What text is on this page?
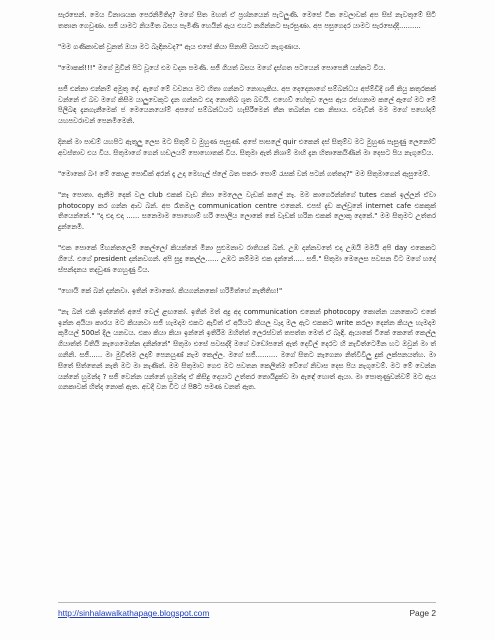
සැරසෙන්. මෙය විනාශයක පෙරනිමිතිද? මගේ සිත මහත් ඒ ප්‍රශ්නයෙන් පැටලුණි. මෙසේ ටික වෙලාවක් අප සිස් නැවතුමේ සිටි තතාන ගෙවුණා. සජී යාමට නියමිත බසය පැමිණි හෙයින් ඇය එයට නගින්නට සැරසුණා. අප පසුගෙදර යාමට සැරසෙද්දී..........

"මම ගණිකාවක් වුනත් ඔයා මට බැඳිනවද?" ඇය එසේ කියා සිනාසී බසයට නැගුණාය.

"මොකක්!!!" මගේ මුවින් පිට වූයේ එම වදන පමණි. සජී ගියත් බසය මගේ දෑස්ගත පටයෙන් පොපෙනී යන්නට විය.

සජී එන්නා එන්නම් අමුතු දේ. ඇගේ මේ වචනය මට හිතා ගන්නට නොහැකිය. අප දෙදෙනාගේ සම්බන්ධය අප්ම්ඩිදී ශජී කියු කතුරකක් වන්නේ ඒ බව මගේ කිසිම යාලුවෙකුට දැන ගන්නට එදා නොතිබ ශූත බවයි. එහෙව් හේතුව ලෙස ඇය රජහනාම කලේ ඇගේ මට මේ පිලිබඳ දැනගැනීමෙක් ජ මෙයෙනයෝම් අපගේ සම්බන්ධයට හැසිරීමෙන් තීන තබන්න එක නිසාය. එමැවින් මම මගේ පහෝදම් යහපවරාවන් පෙනමීමෙනි.

දිනක් මා පාඩම් යහපිට ඇතුලු ලෙස මට සිතුම් ව මුහුණ පැසුණ්. අපේ පාසලේ quir එකෙන් දස් සිතුම්ව මට මුහුණ පැසුණු ලෙනෝට් අවස්තාව එය විය. සිතුමාගේ ගෙන් හඩලයම් පොහොතක් විය. සිතුමා ඇත් නිශාම් මාහි දැන හිතාකෙයිණීන් මා දෙසට පිය නැගුවේය.

"මොකෝ බං! මේ කොළ පොඩික් අරන් දෑ උදා මෙහැල් ප්ලේ බත පතරං පොම් රැසක් වන් පටන් ගත්තද?" මම සිතුමාගෙන් ඇසුමෙම්.

"නෑ පොතා. ඇනීම දෙක් වල club එකක් වැඩ නිසා මෙලෙල වැඩක් කලේ නෑ. මම කාර්ගෙන්න්ගේ tutes එකක් ඉල්ලන් ඒවා photocopy කර ගන්න ආව බන්. අප රෑතමල communication centre එකෙන්. එපස් දැඩ කල්වුනේ internet cafe එකකුක් තියෙන්නේ." "දා එදා එදා ...... සනෙමාම පොහොම් හරි පොලිය ලොකේ කේ වැඩක් හරින එකක් ලොකු දෙකේ." මම සිතුමට උත්තර දුන්නෙමි.

"එක පොකේ ම්හන්තලෙම් කෙල්ලෝ කියන්නේ මිනා පුළුමනාව රාතියක් බන්. උඹ දන්නවතේ එදා උඹයි මමයි අපි day එකෙකට ගියේ. එගේ president දන්නවගන්. අපි සුදු කෙල්ල...... උඹට නම්මම එක දන්නේ..... සජී." සිතුමා මෙලෙස පවසන විට මගේ හදේ ස්පන්දනය තදවුණ ගෙහුණු විය.

"හොයි කේ බන් දන්නවා. ඉතින් මොකෝ. කියගන්නකෝ හරිමිත්හේ නැතීතිහ!"

"නැ බන් එකි ඉන්නේත් අපේ වෙල් ළඟකෝ. ඉතින් මත් අදු අද communication එකෙන් photocopy කොන්න යනකොට එකේ ඉන්න අයියා කාරය මට කියනවා සජී හැමදාම එකට ඇවිත් ඒ අයියට කියල වැදා මල ඇට එකකට write කරලා දෙන්න කියල හැමදාම කුමියල් 500ක් දීල යනවය. එකා කියා කියා ඉන්නේ ඉතිරිම ඔහිත්ත් ලෙරස්වත් තපත්ත මෙත් ඒ බැඳි. ඇයාකේ ටිකේ කෙතේ කෙල්ල ගියාත්ත් වීතියි නැගෙමෙන්න දනින්නේ" සිතුමා එසේ පවසද්දී මගේ වඩෝපනේ ඇත් දෙවිල් දෙරට හී නැවිත්ටෙමින හට ඔවුන් මා ත් ගනිනි. සජී...... මා මුවිත්ම ලදාම් පෙනයුණ් නැම කෙල්ල. මගේ සජී.......... මගේ සිතට නැගෙනා නිත්වීවීලු දුක් ලක්පනයත්හ. මා සිතේ සිත්තෙන් නැති මට මා නැණිත්. මම සිතුමාව ගෙඑ මට පවතන කෙලිත්ම වේගේ නිවාස දෙස පිය නැගුවෙම්. මට මේ වෙන්න යන්නේ හුමන්ද ? සජී වෙන්න යන්නේ හුමන්ද ඒ කිසිදු දෙයාට උත්තර තොයිදුක්ව මා ඇඳේ හොත් ඇයා. මා පොතුණුවන්වම් මට ඇය ගනකාවක් හිත්ද නොක් ඇත. අවදී වන විට ය් පි8ට පමණ වනත් ඇත.

http://sinhalawalkathapage.blogspot.com	Page 2
